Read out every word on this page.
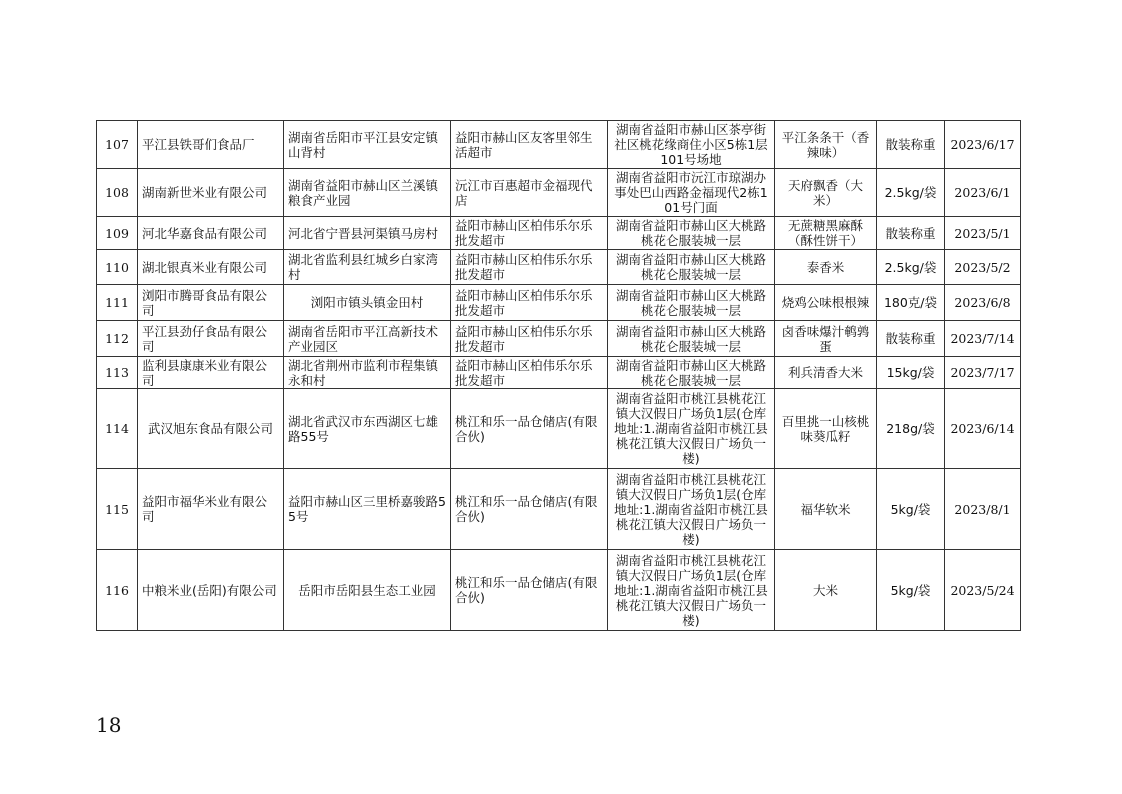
107	平江县铁哥们食品厂	湖南省岳阳市平江县安定镇山背村	益阳市赫山区友客里邻生活超市	湖南省益阳市赫山区茶亭街社区桃花缘商住小区5栋1层101号场地	平江条条干（香辣味）	散装称重	2023/6/17
108	湖南新世米业有限公司	湖南省益阳市赫山区兰溪镇粮食产业园	沅江市百惠超市金福现代店	湖南省益阳市沅江市琼湖办事处巴山西路金福现代2栋101号门面	天府飘香（大米）	2.5kg/袋	2023/6/1
109	河北华嘉食品有限公司	河北省宁晋县河渠镇马房村	益阳市赫山区柏伟乐尔乐批发超市	湖南省益阳市赫山区大桃路桃花仑服装城一层	无蔗糖黑麻酥（酥性饼干）	散装称重	2023/5/1
110	湖北银真米业有限公司	湖北省监利县红城乡白家湾村	益阳市赫山区柏伟乐尔乐批发超市	湖南省益阳市赫山区大桃路桃花仑服装城一层	泰香米	2.5kg/袋	2023/5/2
111	浏阳市腾哥食品有限公司	浏阳市镇头镇金田村	益阳市赫山区柏伟乐尔乐批发超市	湖南省益阳市赫山区大桃路桃花仑服装城一层	烧鸡公味根根辣	180克/袋	2023/6/8
112	平江县劲仔食品有限公司	湖南省岳阳市平江高新技术产业园区	益阳市赫山区柏伟乐尔乐批发超市	湖南省益阳市赫山区大桃路桃花仑服装城一层	卤香味爆汁鹌鹑蛋	散装称重	2023/7/14
113	监利县康康米业有限公司	湖北省荆州市监利市程集镇永和村	益阳市赫山区柏伟乐尔乐批发超市	湖南省益阳市赫山区大桃路桃花仑服装城一层	利兵清香大米	15kg/袋	2023/7/17
114	武汉旭东食品有限公司	湖北省武汉市东西湖区七雄路55号	桃江和乐一品仓储店(有限合伙)	湖南省益阳市桃江县桃花江镇大汉假日广场负1层(仓库地址:1.湖南省益阳市桃江县桃花江镇大汉假日广场负一楼)	百里挑一山核桃味葵瓜籽	218g/袋	2023/6/14
115	益阳市福华米业有限公司	益阳市赫山区三里桥嘉骏路55号	桃江和乐一品仓储店(有限合伙)	湖南省益阳市桃江县桃花江镇大汉假日广场负1层(仓库地址:1.湖南省益阳市桃江县桃花江镇大汉假日广场负一楼)	福华软米	5kg/袋	2023/8/1
116	中粮米业(岳阳)有限公司	岳阳市岳阳县生态工业园	桃江和乐一品仓储店(有限合伙)	湖南省益阳市桃江县桃花江镇大汉假日广场负1层(仓库地址:1.湖南省益阳市桃江县桃花江镇大汉假日广场负一楼)	大米	5kg/袋	2023/5/24
18
